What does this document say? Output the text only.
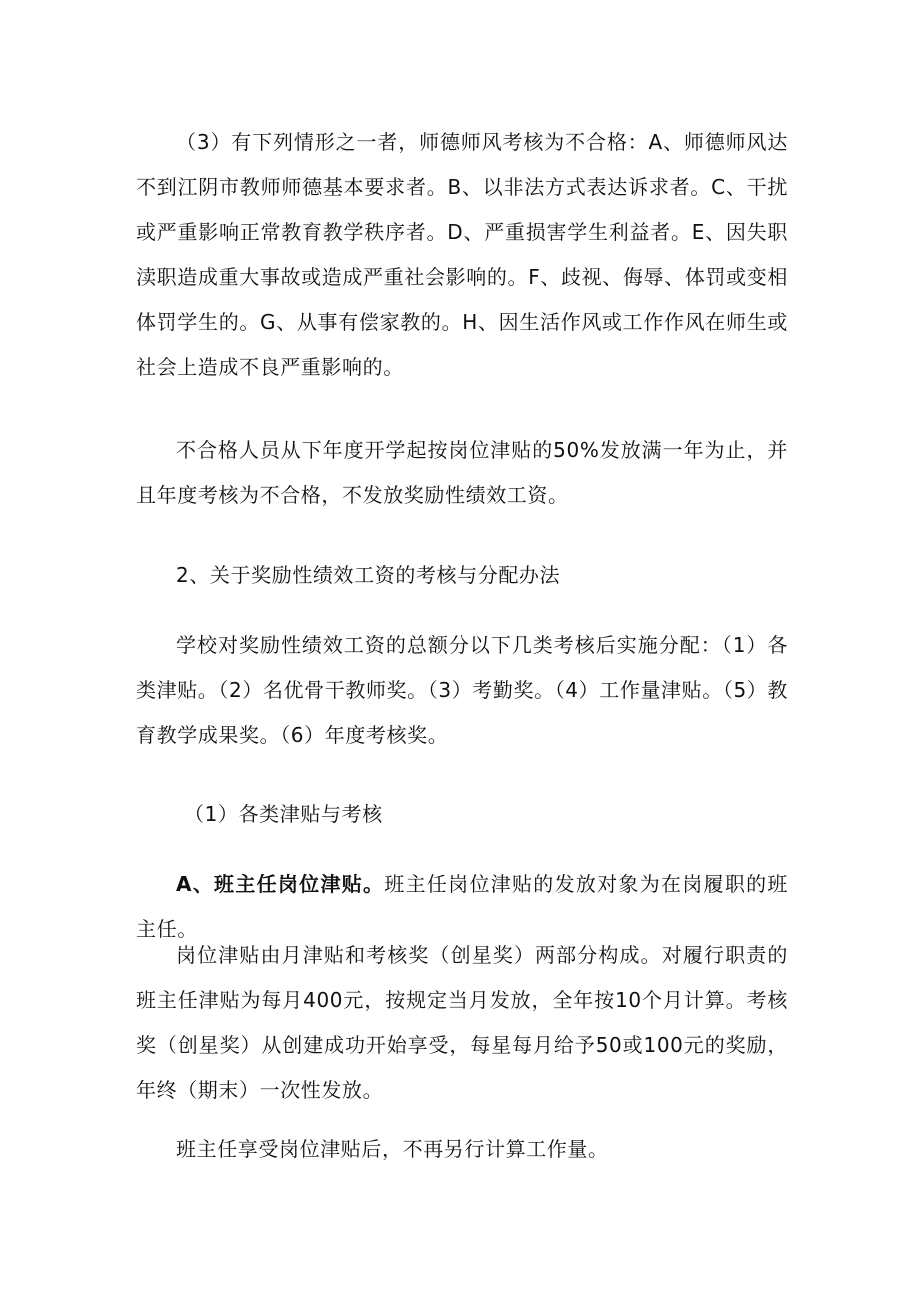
（3）有下列情形之一者，师德师风考核为不合格：A、师德师风达不到江阴市教师师德基本要求者。B、以非法方式表达诉求者。C、干扰或严重影响正常教育教学秩序者。D、严重损害学生利益者。E、因失职渎职造成重大事故或造成严重社会影响的。F、歧视、侮辱、体罚或变相体罚学生的。G、从事有偿家教的。H、因生活作风或工作作风在师生或社会上造成不良严重影响的。

不合格人员从下年度开学起按岗位津贴的50%发放满一年为止，并且年度考核为不合格，不发放奖励性绩效工资。

2、关于奖励性绩效工资的考核与分配办法

学校对奖励性绩效工资的总额分以下几类考核后实施分配：（1）各类津贴。（2）名优骨干教师奖。（3）考勤奖。（4）工作量津贴。（5）教育教学成果奖。（6）年度考核奖。

（1）各类津贴与考核

A、班主任岗位津贴。班主任岗位津贴的发放对象为在岗履职的班主任。

岗位津贴由月津贴和考核奖（创星奖）两部分构成。对履行职责的班主任津贴为每月400元，按规定当月发放，全年按10个月计算。考核奖（创星奖）从创建成功开始享受，每星每月给予50或100元的奖励，年终（期末）一次性发放。

班主任享受岗位津贴后，不再另行计算工作量。
